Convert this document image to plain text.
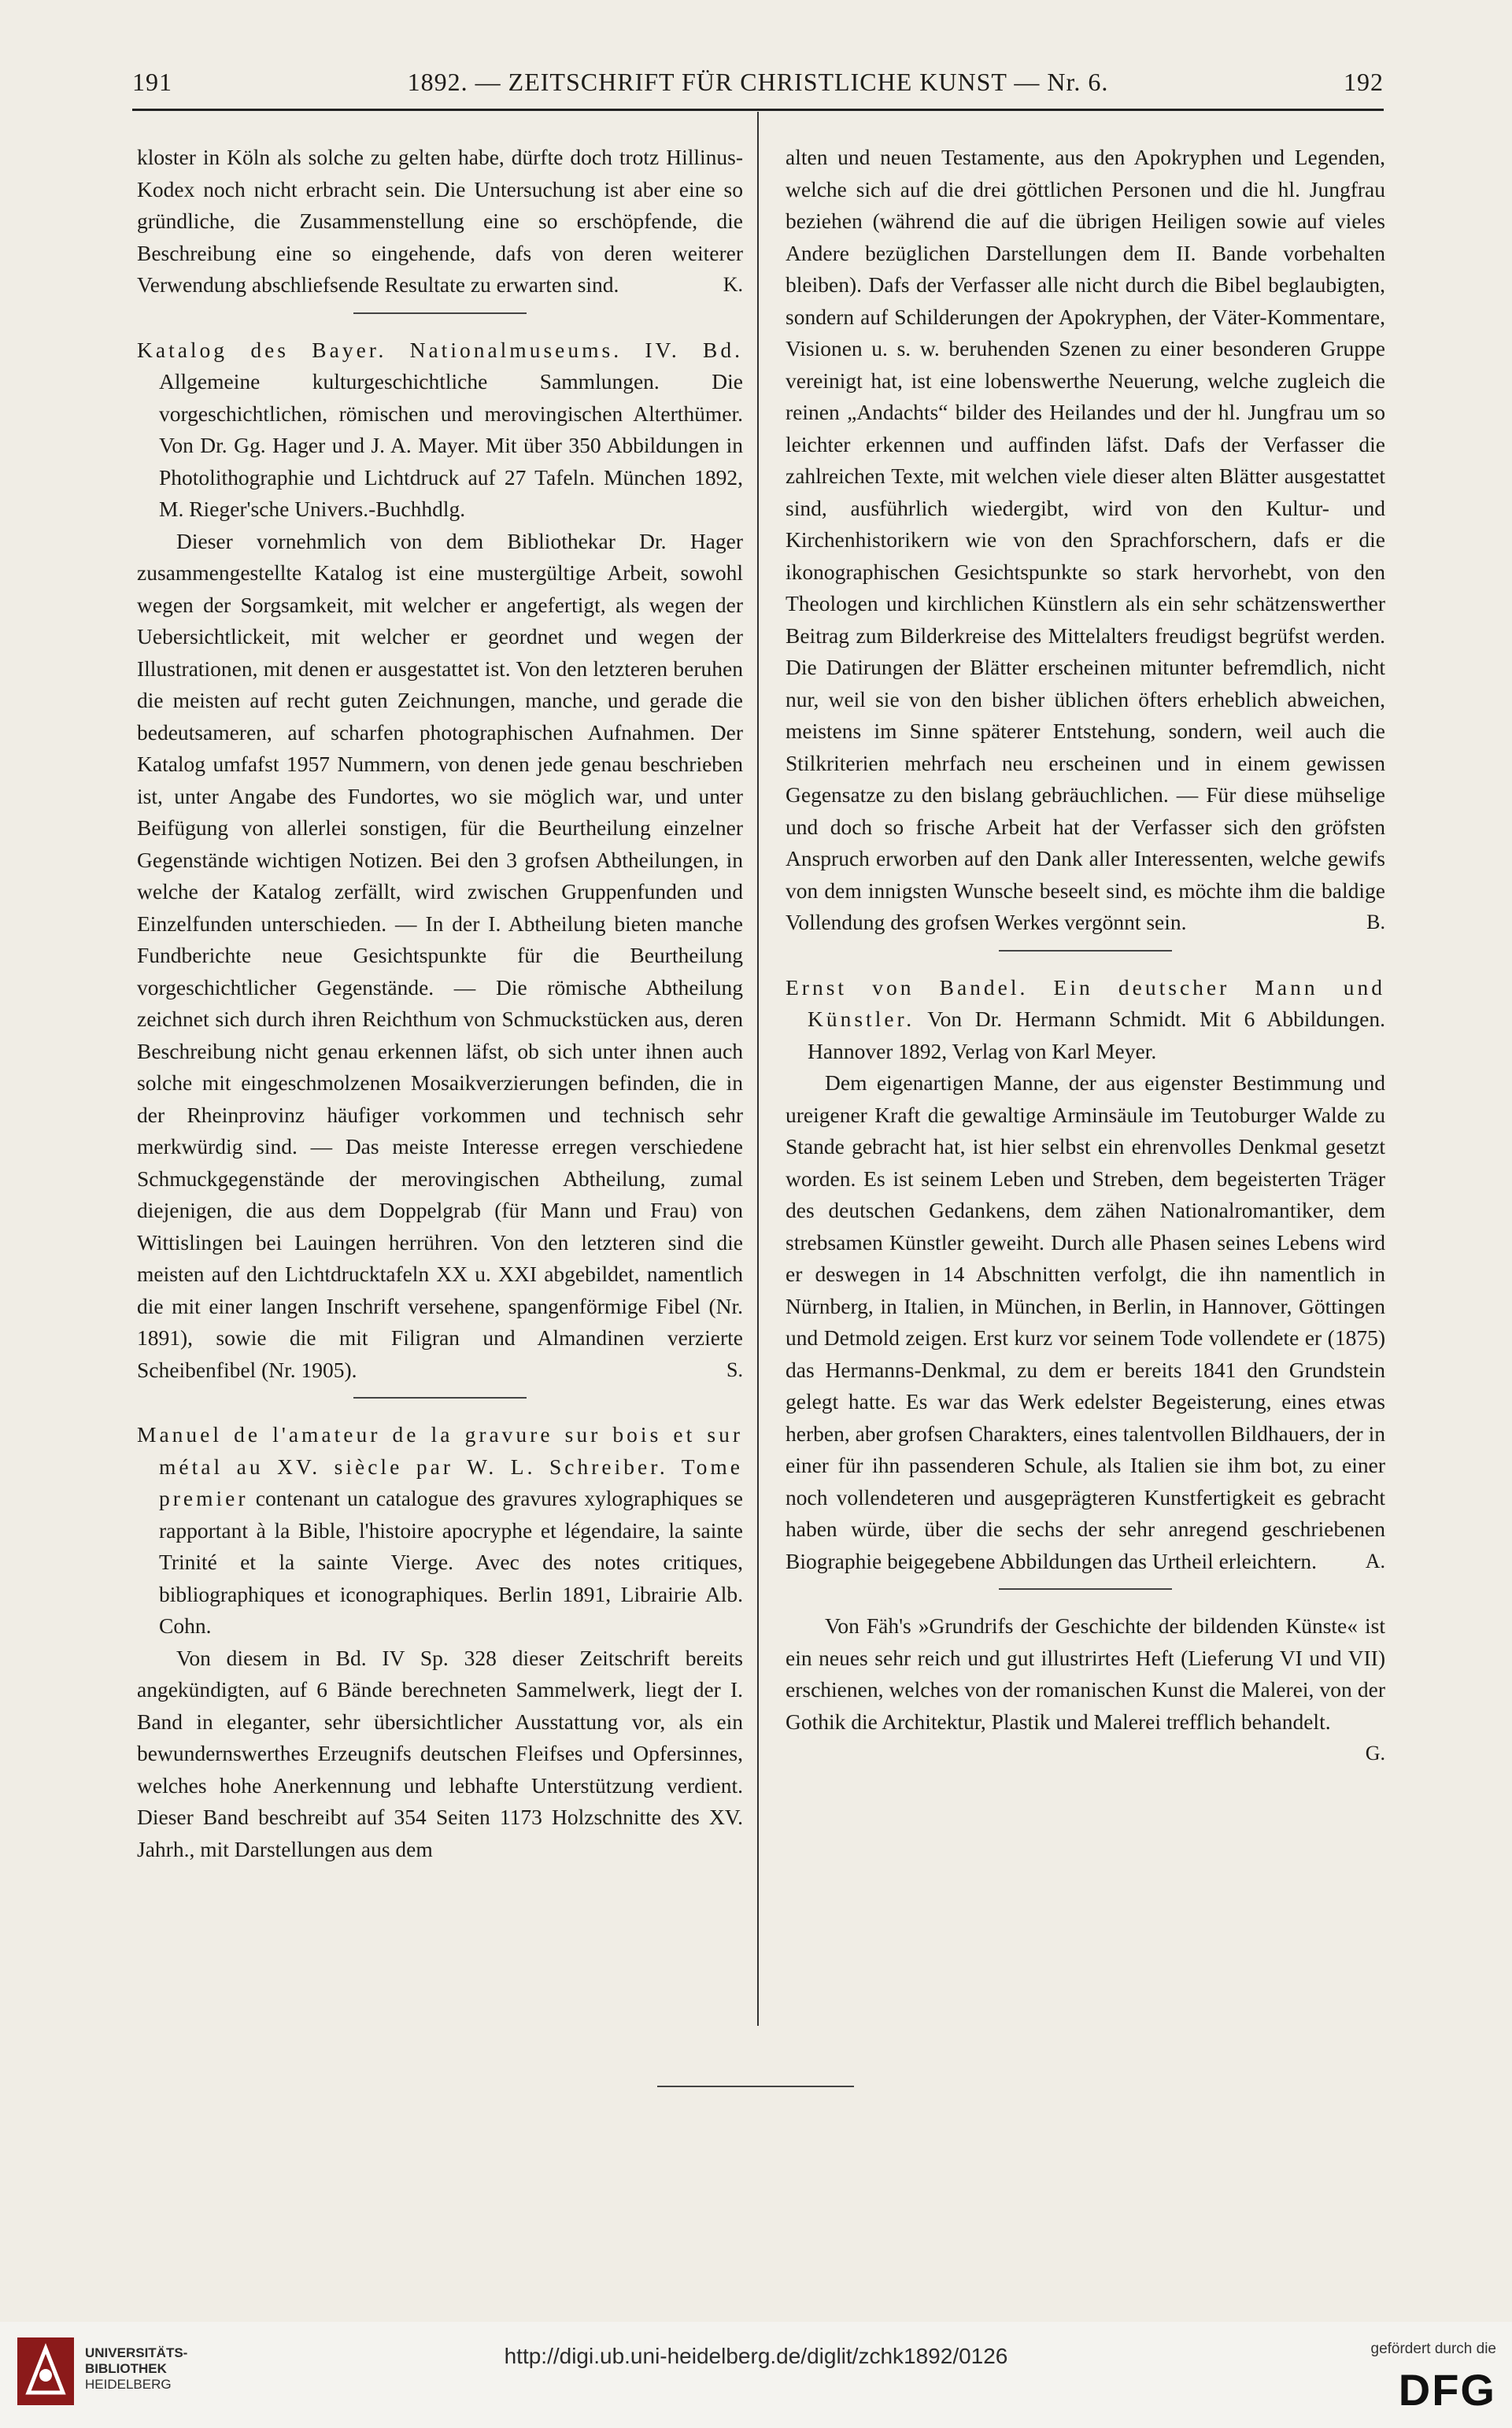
191	1892. — ZEITSCHRIFT FÜR CHRISTLICHE KUNST — Nr. 6.	192

kloster in Köln als solche zu gelten habe, dürfte doch trotz Hillinus-Kodex noch nicht erbracht sein. Die Untersuchung ist aber eine so gründliche, die Zusammenstellung eine so erschöpfende, die Beschreibung eine so eingehende, dafs von deren weiterer Verwendung abschliefsende Resultate zu erwarten sind.	K.

Katalog des Bayer. Nationalmuseums. IV. Bd. Allgemeine kulturgeschichtliche Sammlungen. Die vorgeschichtlichen, römischen und merovingischen Alterthümer. Von Dr. Gg. Hager und J. A. Mayer. Mit über 350 Abbildungen in Photolithographie und Lichtdruck auf 27 Tafeln. München 1892, M. Rieger'sche Univers.-Buchhdlg.

Dieser vornehmlich von dem Bibliothekar Dr. Hager zusammengestellte Katalog ist eine mustergültige Arbeit, sowohl wegen der Sorgsamkeit, mit welcher er angefertigt, als wegen der Uebersichtlickeit, mit welcher er geordnet und wegen der Illustrationen, mit denen er ausgestattet ist. Von den letzteren beruhen die meisten auf recht guten Zeichnungen, manche, und gerade die bedeutsameren, auf scharfen photographischen Aufnahmen. Der Katalog umfafst 1957 Nummern, von denen jede genau beschrieben ist, unter Angabe des Fundortes, wo sie möglich war, und unter Beifügung von allerlei sonstigen, für die Beurtheilung einzelner Gegenstände wichtigen Notizen. Bei den 3 grofsen Abtheilungen, in welche der Katalog zerfällt, wird zwischen Gruppenfunden und Einzelfunden unterschieden. — In der I. Abtheilung bieten manche Fundberichte neue Gesichtspunkte für die Beurtheilung vorgeschichtlicher Gegenstände. — Die römische Abtheilung zeichnet sich durch ihren Reichthum von Schmuckstücken aus, deren Beschreibung nicht genau erkennen läfst, ob sich unter ihnen auch solche mit eingeschmolzenen Mosaikverzierungen befinden, die in der Rheinprovinz häufiger vorkommen und technisch sehr merkwürdig sind. — Das meiste Interesse erregen verschiedene Schmuckgegenstände der merovingischen Abtheilung, zumal diejenigen, die aus dem Doppelgrab (für Mann und Frau) von Wittislingen bei Lauingen herrühren. Von den letzteren sind die meisten auf den Lichtdrucktafeln XX u. XXI abgebildet, namentlich die mit einer langen Inschrift versehene, spangenförmige Fibel (Nr. 1891), sowie die mit Filigran und Almandinen verzierte Scheibenfibel (Nr. 1905).	S.

Manuel de l'amateur de la gravure sur bois et sur métal au XV. siècle par W. L. Schreiber. Tome premier contenant un catalogue des gravures xylographiques se rapportant à la Bible, l'histoire apocryphe et légendaire, la sainte Trinité et la sainte Vierge. Avec des notes critiques, bibliographiques et iconographiques. Berlin 1891, Librairie Alb. Cohn.

Von diesem in Bd. IV Sp. 328 dieser Zeitschrift bereits angekündigten, auf 6 Bände berechneten Sammelwerk, liegt der I. Band in eleganter, sehr übersichtlicher Ausstattung vor, als ein bewundernswerthes Erzeugnifs deutschen Fleifses und Opfersinnes, welches hohe Anerkennung und lebhafte Unterstützung verdient. Dieser Band beschreibt auf 354 Seiten 1173 Holzschnitte des XV. Jahrh., mit Darstellungen aus dem

alten und neuen Testamente, aus den Apokryphen und Legenden, welche sich auf die drei göttlichen Personen und die hl. Jungfrau beziehen (während die auf die übrigen Heiligen sowie auf vieles Andere bezüglichen Darstellungen dem II. Bande vorbehalten bleiben). Dafs der Verfasser alle nicht durch die Bibel beglaubigten, sondern auf Schilderungen der Apokryphen, der Väter-Kommentare, Visionen u. s. w. beruhenden Szenen zu einer besonderen Gruppe vereinigt hat, ist eine lobenswerthe Neuerung, welche zugleich die reinen „Andachts“ bilder des Heilandes und der hl. Jungfrau um so leichter erkennen und auffinden läfst. Dafs der Verfasser die zahlreichen Texte, mit welchen viele dieser alten Blätter ausgestattet sind, ausführlich wiedergibt, wird von den Kultur- und Kirchenhistorikern wie von den Sprachforschern, dafs er die ikonographischen Gesichtspunkte so stark hervorhebt, von den Theologen und kirchlichen Künstlern als ein sehr schätzenswerther Beitrag zum Bilderkreise des Mittelalters freudigst begrüfst werden. Die Datirungen der Blätter erscheinen mitunter befremdlich, nicht nur, weil sie von den bisher üblichen öfters erheblich abweichen, meistens im Sinne späterer Entstehung, sondern, weil auch die Stilkriterien mehrfach neu erscheinen und in einem gewissen Gegensatze zu den bislang gebräuchlichen. — Für diese mühselige und doch so frische Arbeit hat der Verfasser sich den gröfsten Anspruch erworben auf den Dank aller Interessenten, welche gewifs von dem innigsten Wunsche beseelt sind, es möchte ihm die baldige Vollendung des grofsen Werkes vergönnt sein.	B.

Ernst von Bandel. Ein deutscher Mann und Künstler. Von Dr. Hermann Schmidt. Mit 6 Abbildungen. Hannover 1892, Verlag von Karl Meyer.

Dem eigenartigen Manne, der aus eigenster Bestimmung und ureigener Kraft die gewaltige Arminsäule im Teutoburger Walde zu Stande gebracht hat, ist hier selbst ein ehrenvolles Denkmal gesetzt worden. Es ist seinem Leben und Streben, dem begeisterten Träger des deutschen Gedankens, dem zähen Nationalromantiker, dem strebsamen Künstler geweiht. Durch alle Phasen seines Lebens wird er deswegen in 14 Abschnitten verfolgt, die ihn namentlich in Nürnberg, in Italien, in München, in Berlin, in Hannover, Göttingen und Detmold zeigen. Erst kurz vor seinem Tode vollendete er (1875) das Hermanns-Denkmal, zu dem er bereits 1841 den Grundstein gelegt hatte. Es war das Werk edelster Begeisterung, eines etwas herben, aber grofsen Charakters, eines talentvollen Bildhauers, der in einer für ihn passenderen Schule, als Italien sie ihm bot, zu einer noch vollendeteren und ausgeprägteren Kunstfertigkeit es gebracht haben würde, über die sechs der sehr anregend geschriebenen Biographie beigegebene Abbildungen das Urtheil erleichtern.	A.

Von Fäh's »Grundrifs der Geschichte der bildenden Künste« ist ein neues sehr reich und gut illustrirtes Heft (Lieferung VI und VII) erschienen, welches von der romanischen Kunst die Malerei, von der Gothik die Architektur, Plastik und Malerei trefflich behandelt.
G.

UNIVERSITÄTS-
BIBLIOTHEK
HEIDELBERG
http://digi.ub.uni-heidelberg.de/diglit/zchk1892/0126	gefördert durch die
DFG
